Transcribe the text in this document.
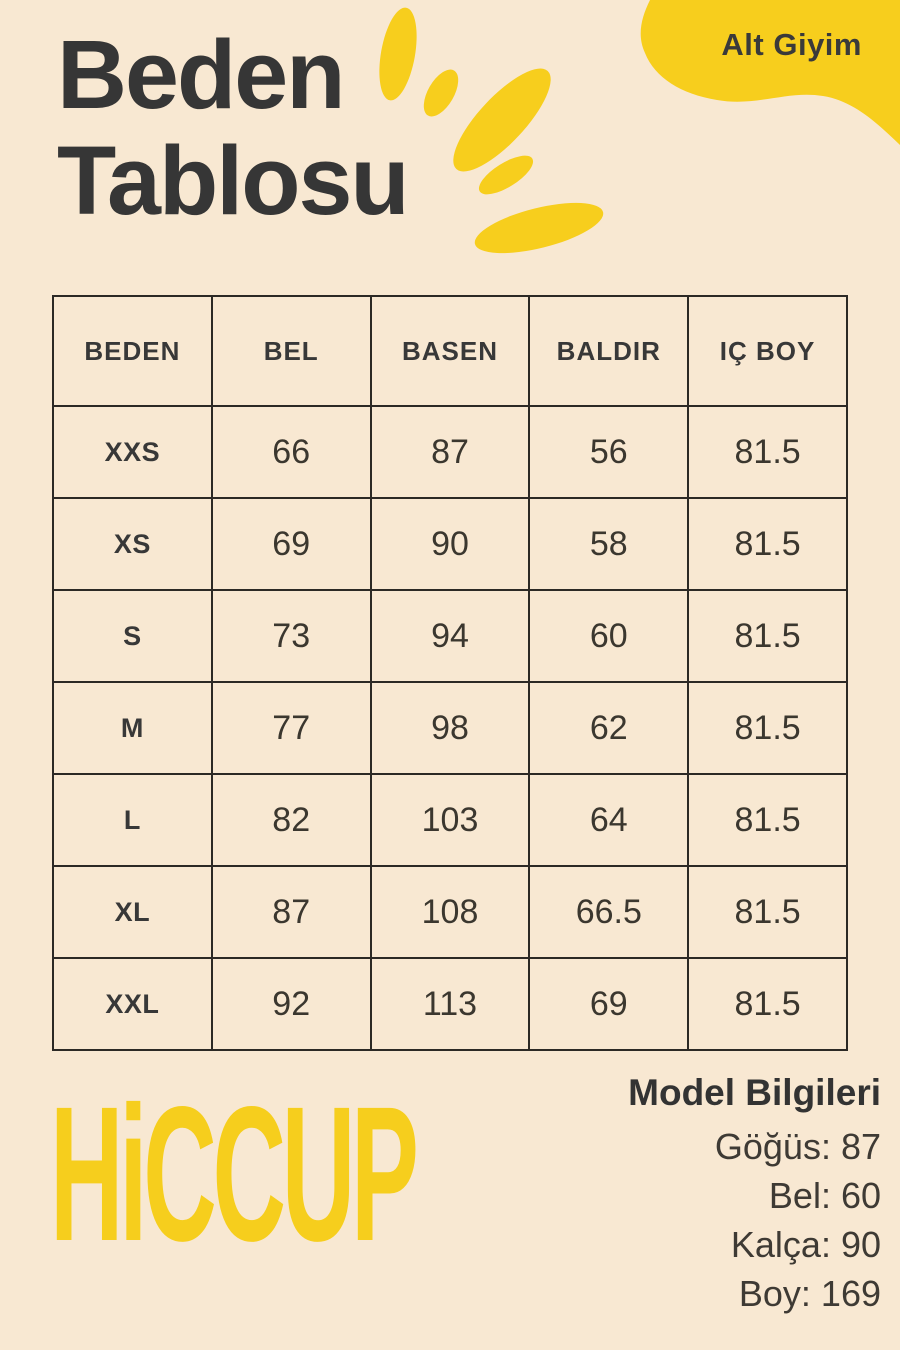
Alt Giyim
Beden
Tablosu
BEDEN	BEL	BASEN	BALDIR	IÇ BOY
XXS	66	87	56	81.5
XS	69	90	58	81.5
S	73	94	60	81.5
M	77	98	62	81.5
L	82	103	64	81.5
XL	87	108	66.5	81.5
XXL	92	113	69	81.5
HiCCUP	Model Bilgileri
Göğüs: 87
Bel: 60
Kalça: 90
Boy: 169
